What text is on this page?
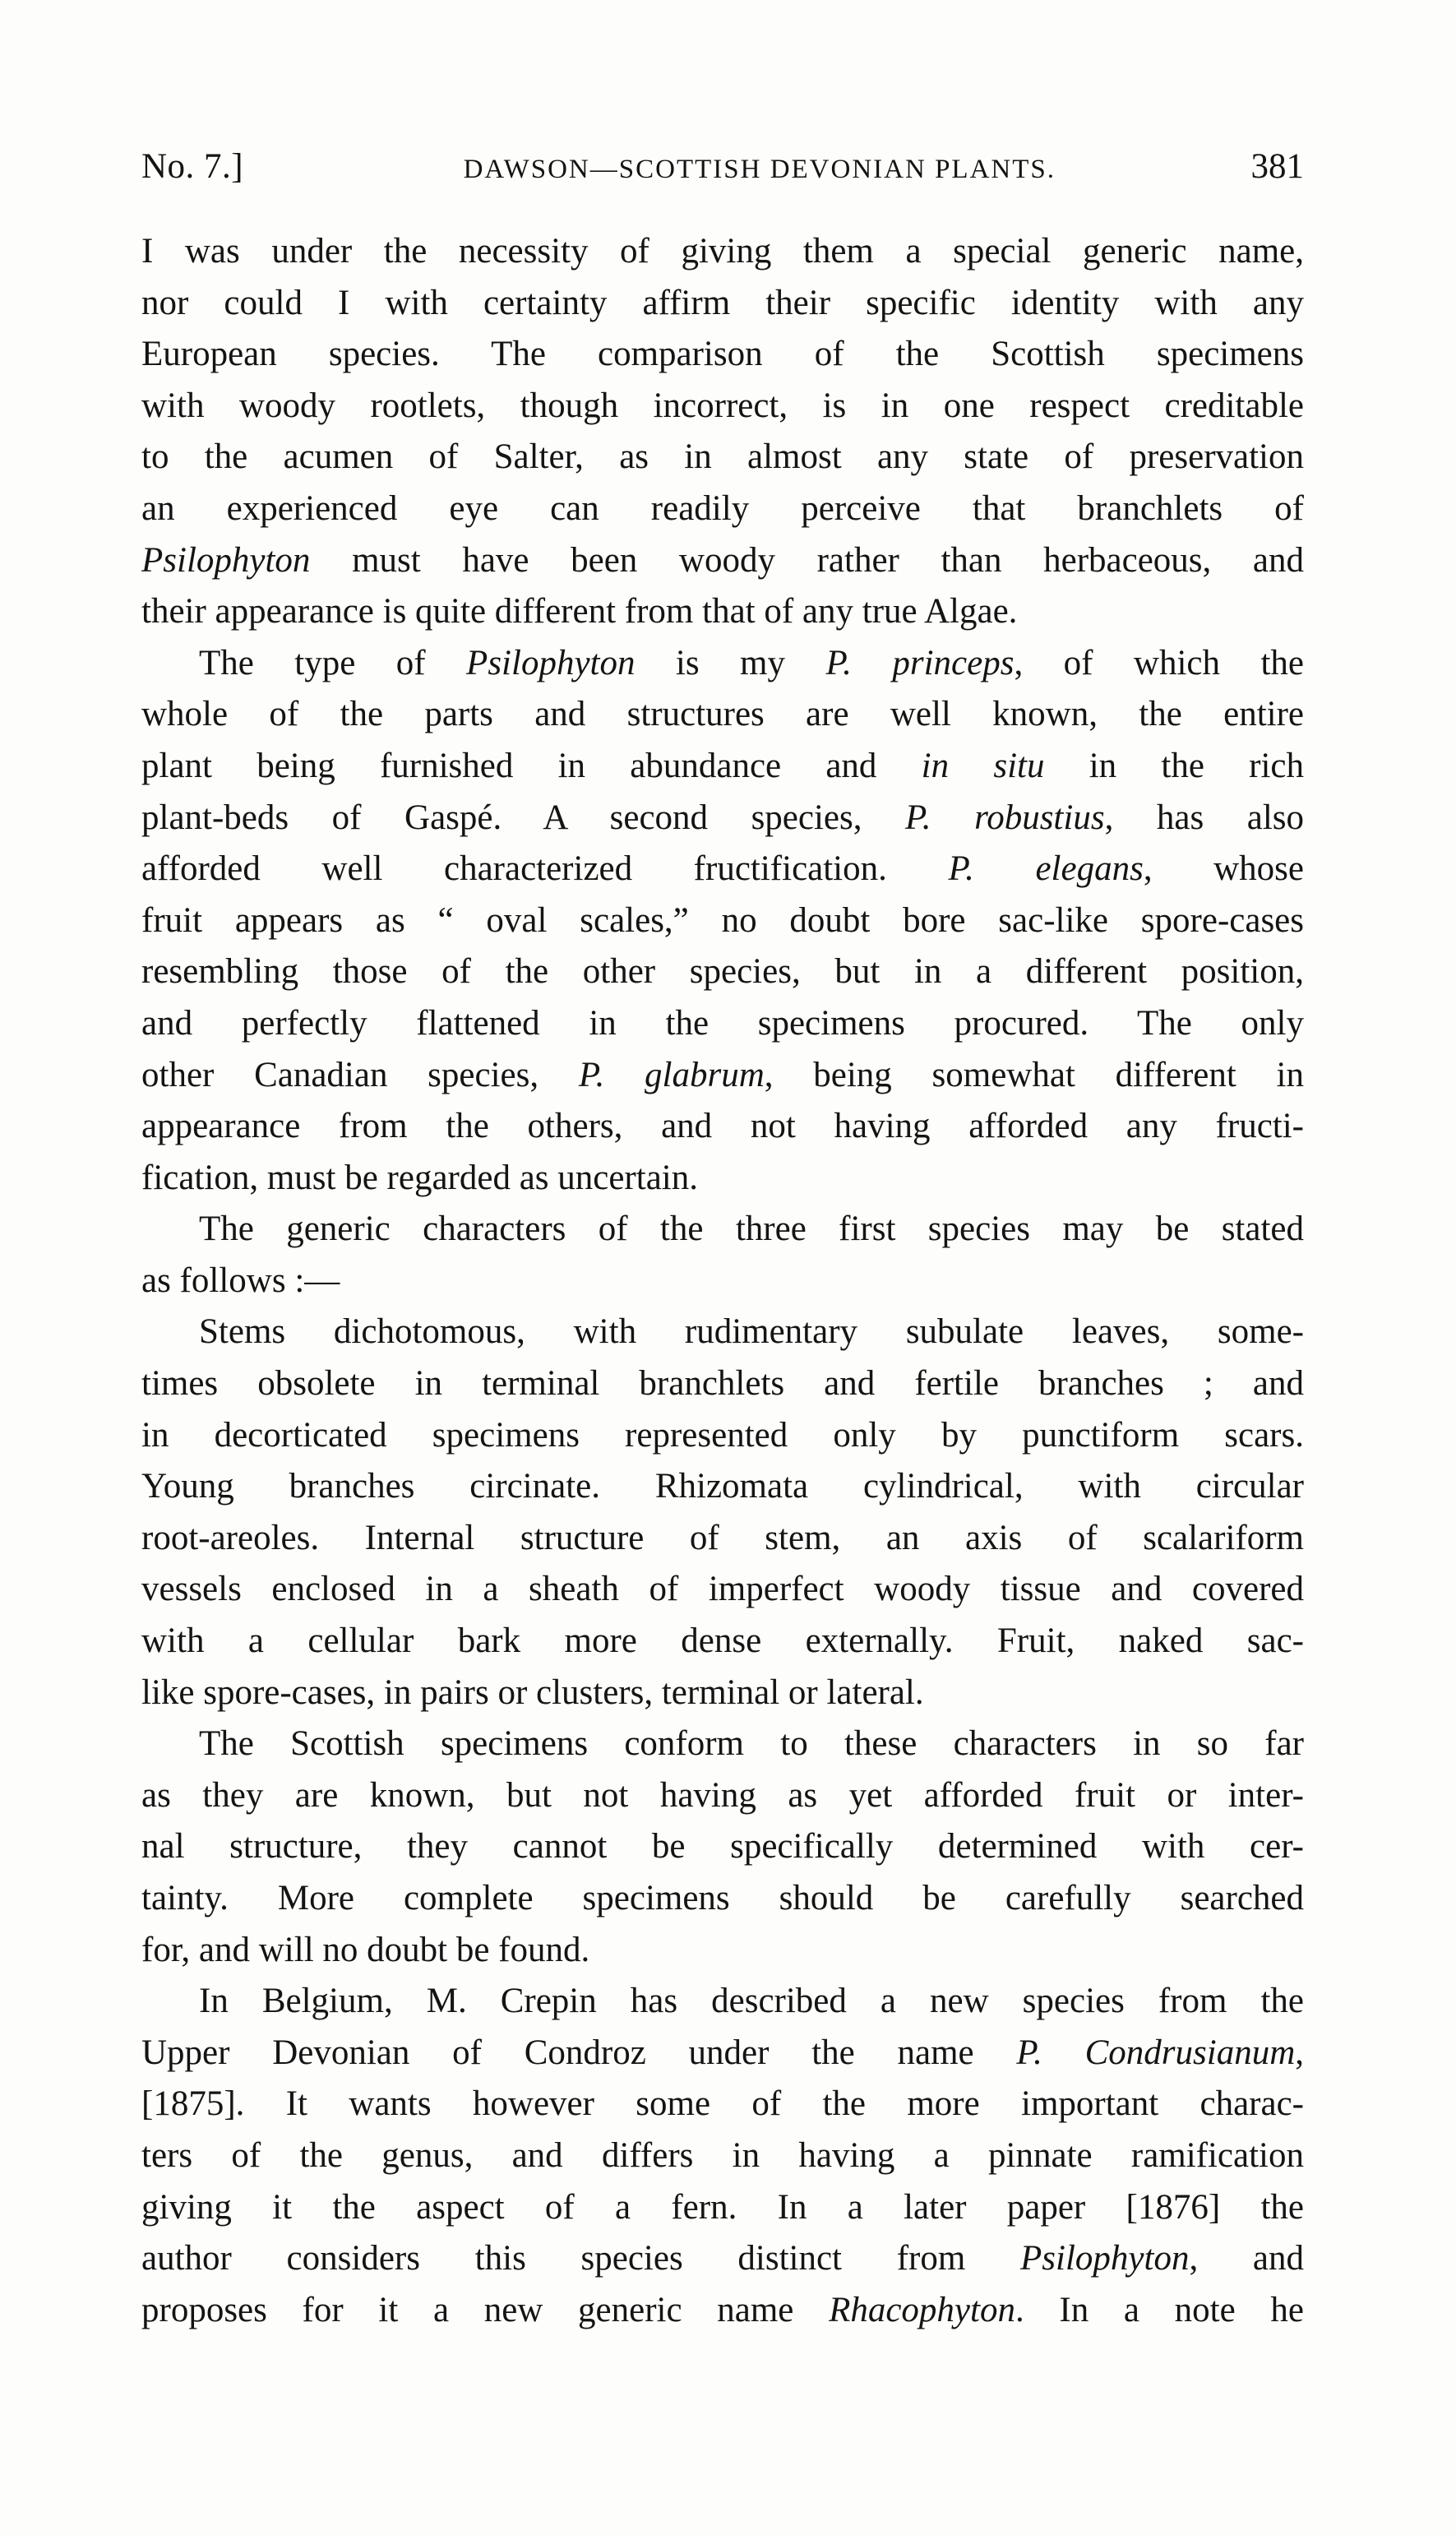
No. 7.]	DAWSON—SCOTTISH DEVONIAN PLANTS.	381
I was under the necessity of giving them a special generic name,
nor could I with certainty affirm their specific identity with any
European species. The comparison of the Scottish specimens
with woody rootlets, though incorrect, is in one respect creditable
to the acumen of Salter, as in almost any state of preservation
an experienced eye can readily perceive that branchlets of
Psilophyton must have been woody rather than herbaceous, and
their appearance is quite different from that of any true Algae.
The type of Psilophyton is my P. princeps, of which the
whole of the parts and structures are well known, the entire
plant being furnished in abundance and in situ in the rich
plant-beds of Gaspé. A second species, P. robustius, has also
afforded well characterized fructification. P. elegans, whose
fruit appears as “ oval scales,” no doubt bore sac-like spore-cases
resembling those of the other species, but in a different position,
and perfectly flattened in the specimens procured. The only
other Canadian species, P. glabrum, being somewhat different in
appearance from the others, and not having afforded any fructi-
fication, must be regarded as uncertain.
The generic characters of the three first species may be stated
as follows :—
Stems dichotomous, with rudimentary subulate leaves, some-
times obsolete in terminal branchlets and fertile branches ; and
in decorticated specimens represented only by punctiform scars.
Young branches circinate. Rhizomata cylindrical, with circular
root-areoles. Internal structure of stem, an axis of scalariform
vessels enclosed in a sheath of imperfect woody tissue and covered
with a cellular bark more dense externally. Fruit, naked sac-
like spore-cases, in pairs or clusters, terminal or lateral.
The Scottish specimens conform to these characters in so far
as they are known, but not having as yet afforded fruit or inter-
nal structure, they cannot be specifically determined with cer-
tainty. More complete specimens should be carefully searched
for, and will no doubt be found.
In Belgium, M. Crepin has described a new species from the
Upper Devonian of Condroz under the name P. Condrusianum,
[1875]. It wants however some of the more important charac-
ters of the genus, and differs in having a pinnate ramification
giving it the aspect of a fern. In a later paper [1876] the
author considers this species distinct from Psilophyton, and
proposes for it a new generic name Rhacophyton. In a note he
